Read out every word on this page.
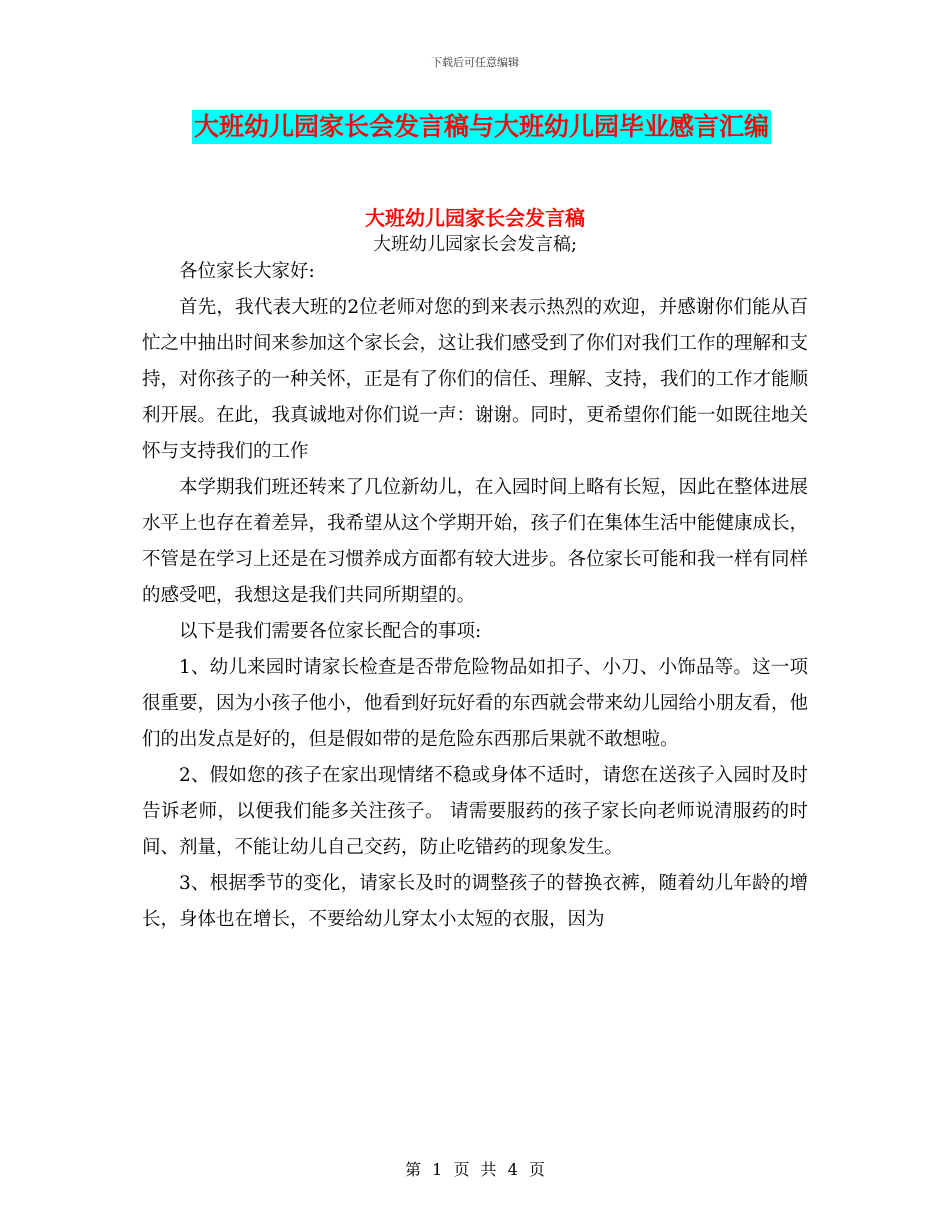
下载后可任意编辑
大班幼儿园家长会发言稿与大班幼儿园毕业感言汇编
大班幼儿园家长会发言稿
大班幼儿园家长会发言稿;

各位家长大家好:

首先，我代表大班的2位老师对您的到来表示热烈的欢迎，并感谢你们能从百忙之中抽出时间来参加这个家长会，这让我们感受到了你们对我们工作的理解和支持，对你孩子的一种关怀，正是有了你们的信任、理解、支持，我们的工作才能顺利开展。在此，我真诚地对你们说一声：谢谢。同时，更希望你们能一如既往地关怀与支持我们的工作

本学期我们班还转来了几位新幼儿，在入园时间上略有长短，因此在整体进展水平上也存在着差异，我希望从这个学期开始，孩子们在集体生活中能健康成长，不管是在学习上还是在习惯养成方面都有较大进步。各位家长可能和我一样有同样的感受吧，我想这是我们共同所期望的。

以下是我们需要各位家长配合的事项:

1、幼儿来园时请家长检查是否带危险物品如扣子、小刀、小饰品等。这一项很重要，因为小孩子他小，他看到好玩好看的东西就会带来幼儿园给小朋友看，他们的出发点是好的，但是假如带的是危险东西那后果就不敢想啦。

2、假如您的孩子在家出现情绪不稳或身体不适时，请您在送孩子入园时及时告诉老师，以便我们能多关注孩子。 请需要服药的孩子家长向老师说清服药的时间、剂量，不能让幼儿自己交药，防止吃错药的现象发生。

3、根据季节的变化，请家长及时的调整孩子的替换衣裤，随着幼儿年龄的增长，身体也在增长，不要给幼儿穿太小太短的衣服，因为

第 1 页 共 4 页
